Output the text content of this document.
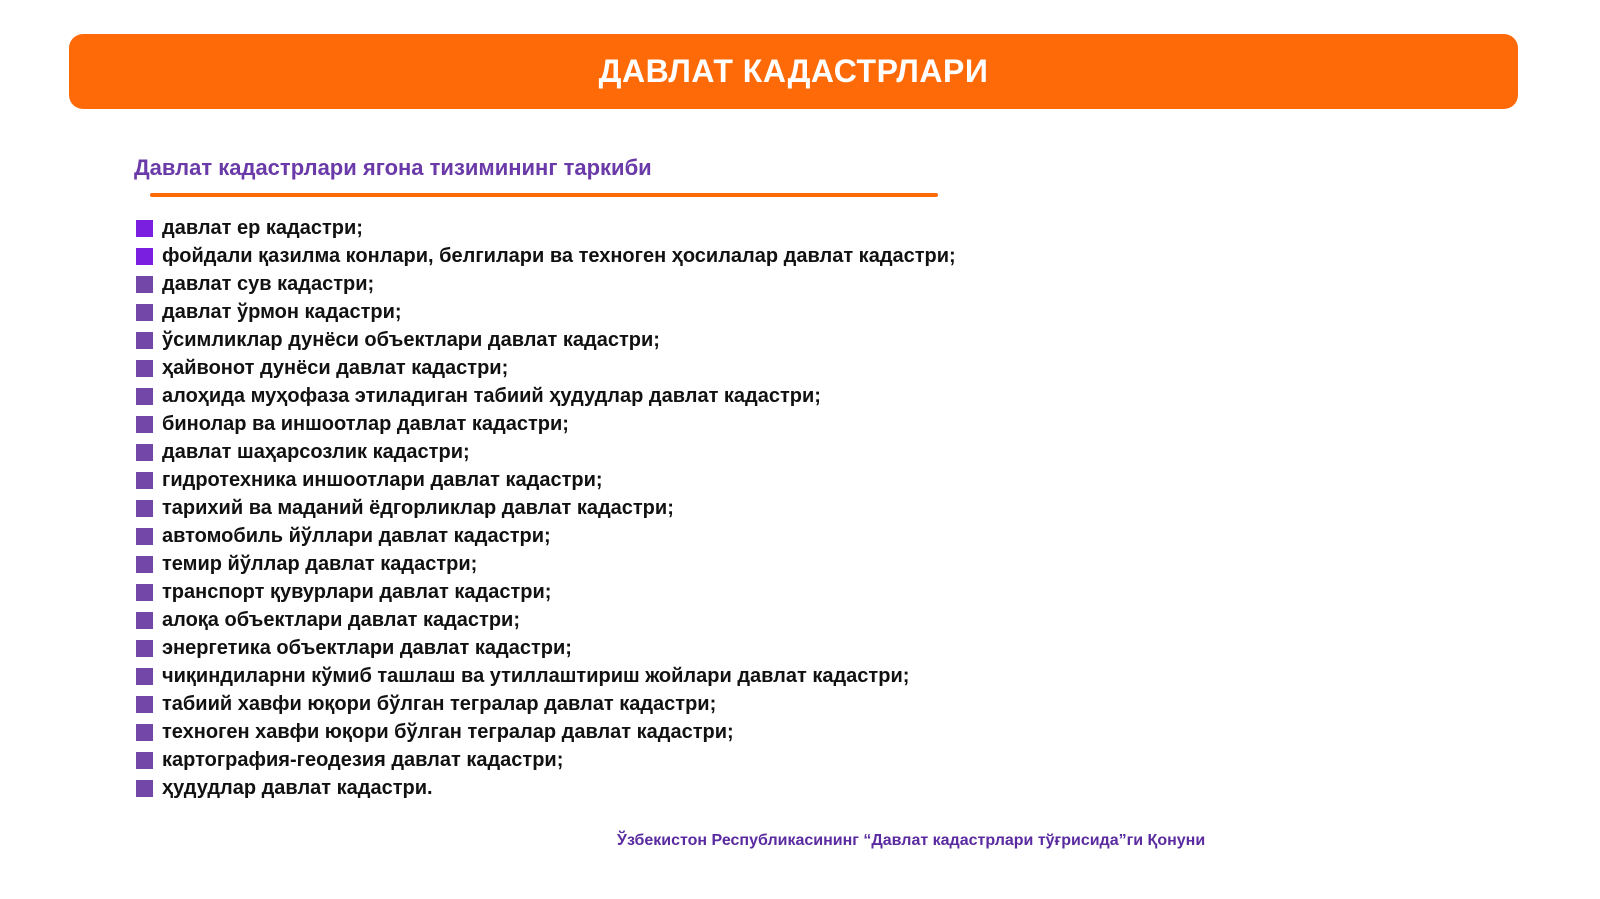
ДАВЛАТ КАДАСТРЛАРИ
Давлат кадастрлари ягона тизимининг таркиби
давлат ер кадастри;
фойдали қазилма конлари, белгилари ва техноген ҳосилалар давлат кадастри;
давлат сув кадастри;
давлат ўрмон кадастри;
ўсимликлар дунёси объектлари давлат кадастри;
ҳайвонот дунёси давлат кадастри;
алоҳида муҳофаза этиладиган табиий ҳудудлар давлат кадастри;
бинолар ва иншоотлар давлат кадастри;
давлат шаҳарсозлик кадастри;
гидротехника иншоотлари давлат кадастри;
тарихий ва маданий ёдгорликлар давлат кадастри;
автомобиль йўллари давлат кадастри;
темир йўллар давлат кадастри;
транспорт қувурлари давлат кадастри;
алоқа объектлари давлат кадастри;
энергетика объектлари давлат кадастри;
чиқиндиларни кўмиб ташлаш ва утиллаштириш жойлари давлат кадастри;
табиий хавфи юқори бўлган тегралар давлат кадастри;
техноген хавфи юқори бўлган тегралар давлат кадастри;
картография-геодезия давлат кадастри;
ҳудудлар давлат кадастри.
Ўзбекистон Республикасининг “Давлат кадастрлари тўғрисида”ги Қонуни
